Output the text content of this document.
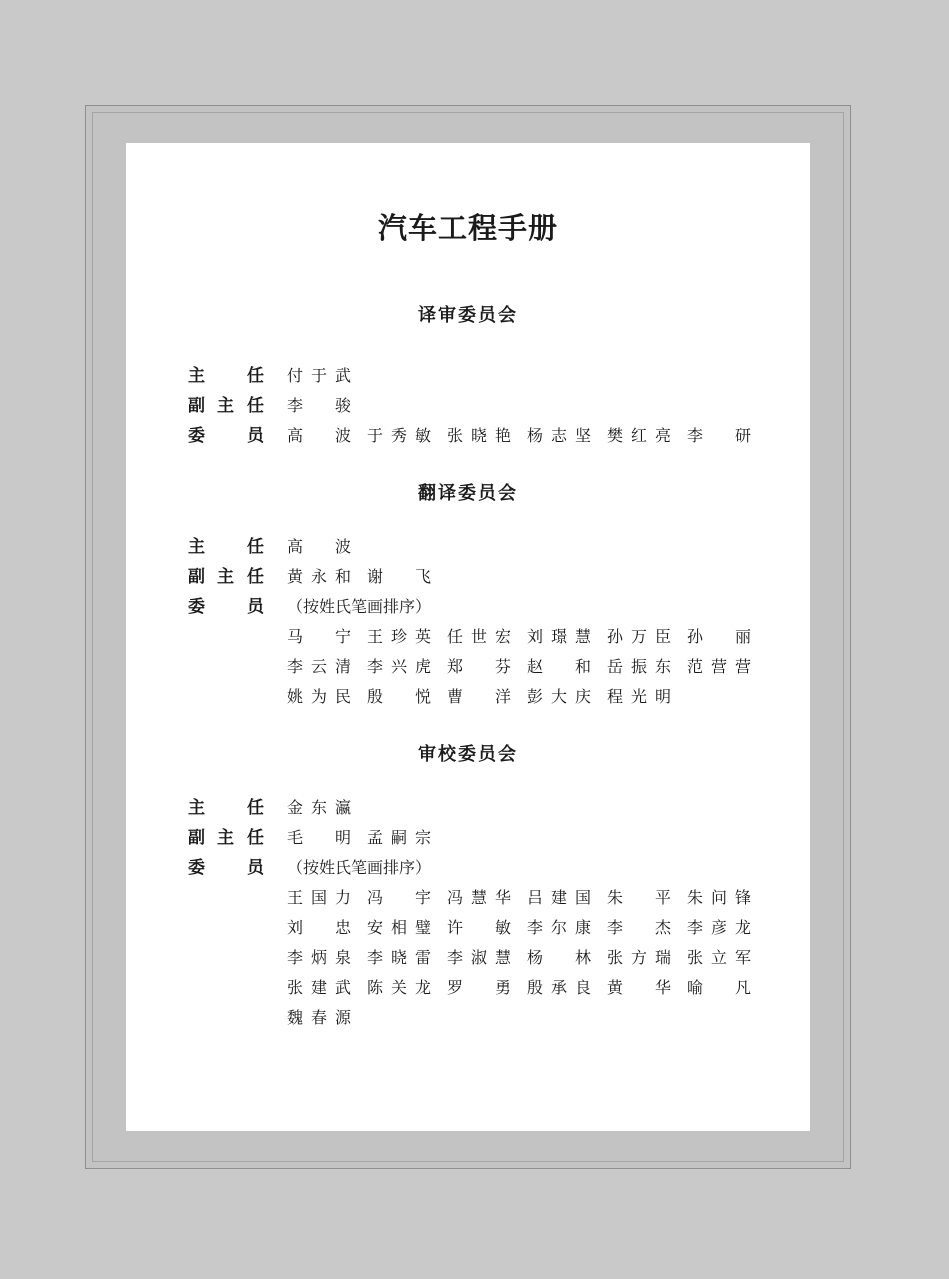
汽车工程手册
译审委员会
主 任 付于武
副 主 任 李 骏
委 员 高 波 于秀敏 张晓艳 杨志坚 樊红亮 李 研
翻译委员会
主 任 高 波
副 主 任 黄永和 谢 飞
委 员 （按姓氏笔画排序）
马 宁 王珍英 任世宏 刘璟慧 孙万臣 孙 丽
李云清 李兴虎 郑 芬 赵 和 岳振东 范营营
姚为民 殷 悦 曹 洋 彭大庆 程光明
审校委员会
主 任 金东瀛
副 主 任 毛 明 孟嗣宗
委 员 （按姓氏笔画排序）
王国力 冯 宇 冯慧华 吕建国 朱 平 朱问锋
刘 忠 安相璧 许 敏 李尔康 李 杰 李彦龙
李炳泉 李晓雷 李淑慧 杨 林 张方瑞 张立军
张建武 陈关龙 罗 勇 殷承良 黄 华 喻 凡
魏春源
